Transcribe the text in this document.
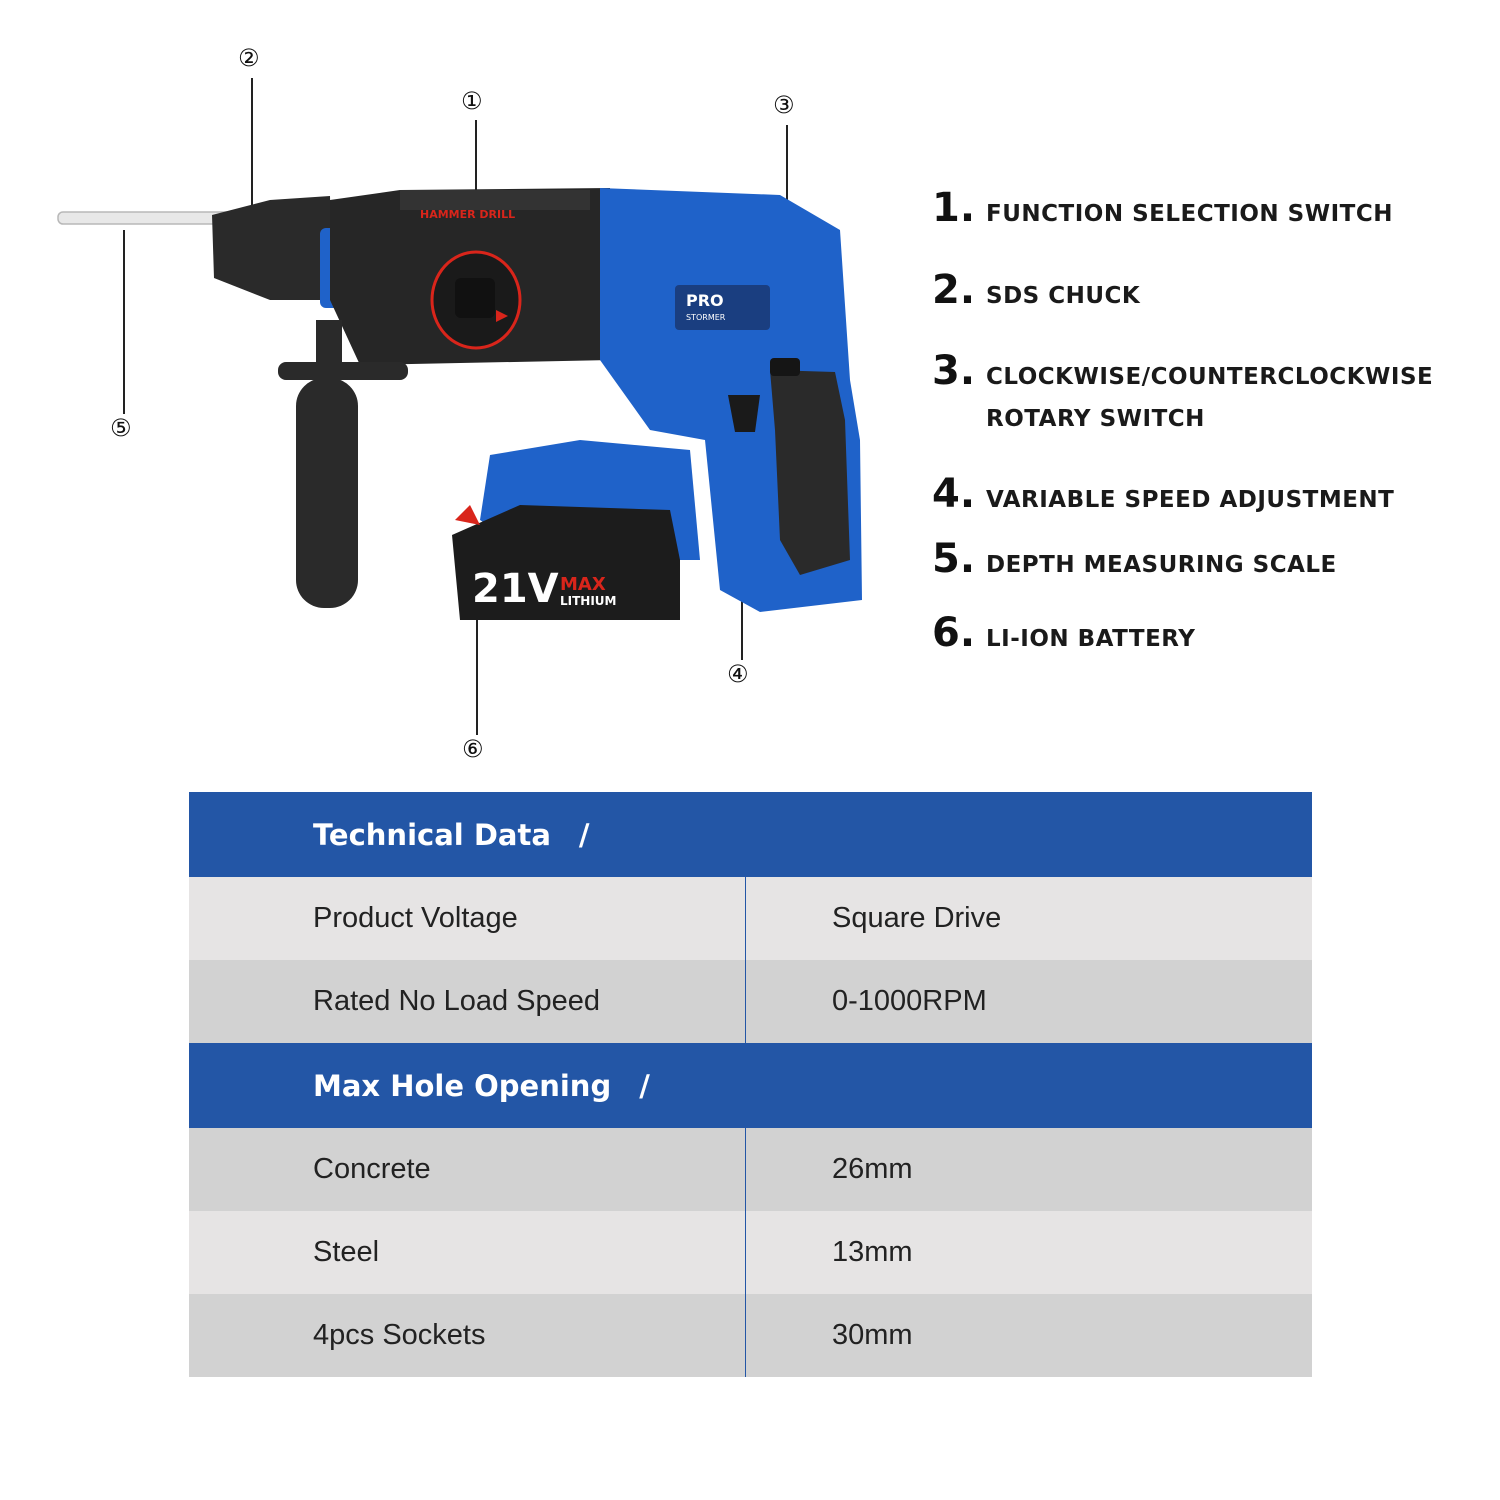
HAMMER DRILL
PRO
STORMER
21V MAX
LITHIUM
②
①	③
⑤
④
⑥
1. FUNCTION SELECTION SWITCH
2. SDS CHUCK
3. CLOCKWISE/COUNTERCLOCKWISE
ROTARY SWITCH
4. VARIABLE SPEED ADJUSTMENT
5. DEPTH MEASURING SCALE
6. LI-ION BATTERY
Technical Data /
Product Voltage	Square Drive
Rated No Load Speed	0-1000RPM
Max Hole Opening /
Concrete	26mm
Steel	13mm
4pcs Sockets	30mm
